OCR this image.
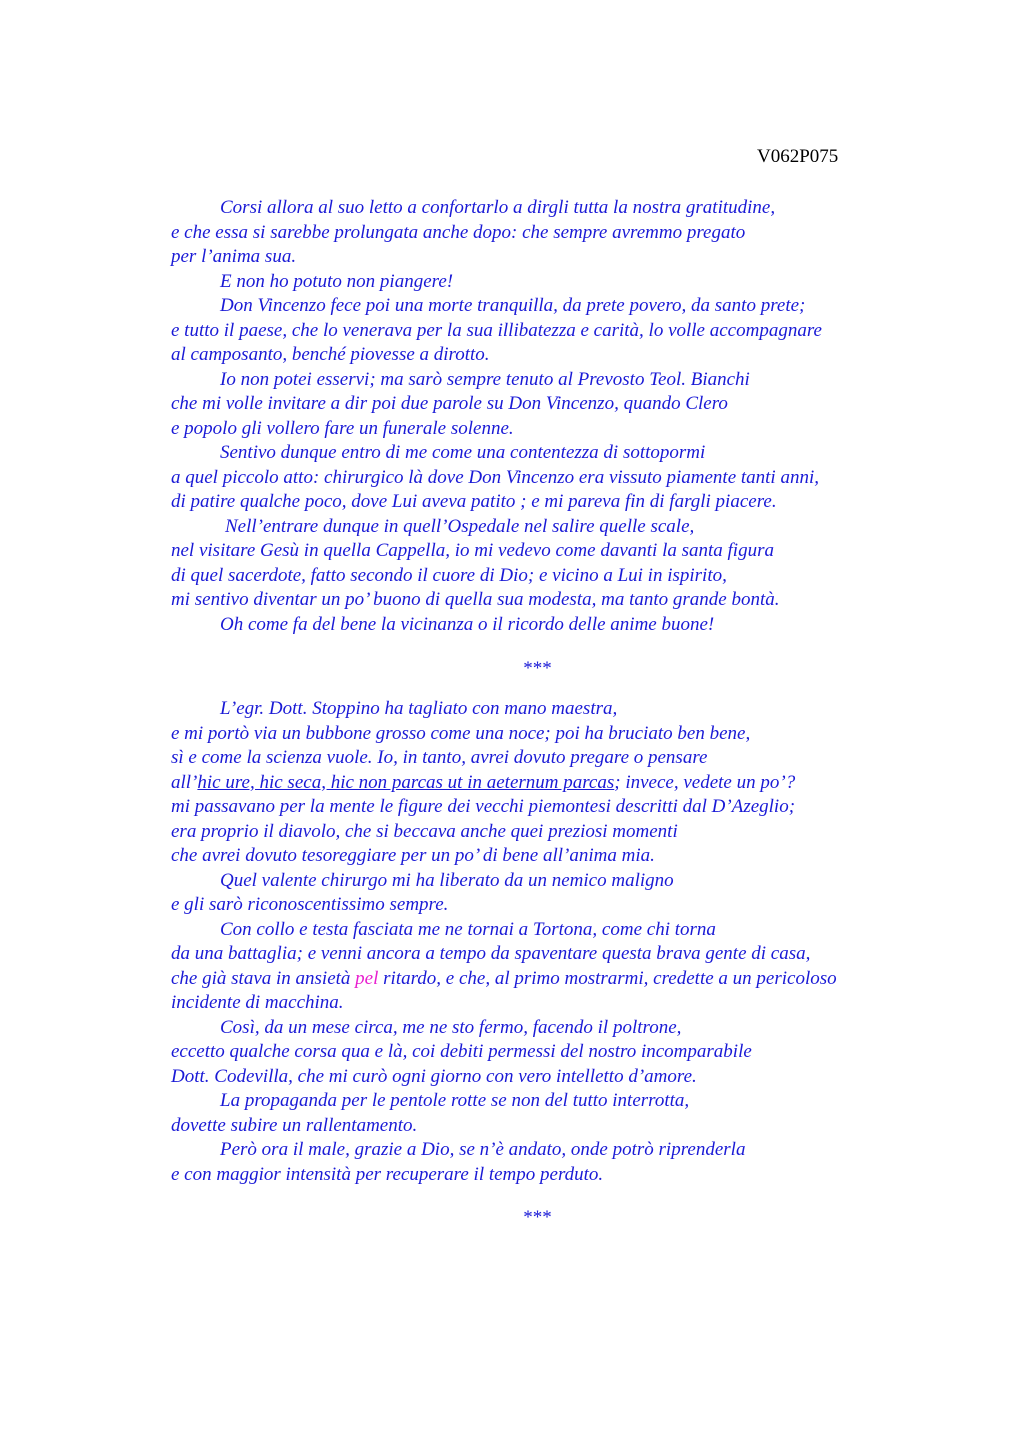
V062P075
Corsi allora al suo letto a confortarlo a dirgli tutta la nostra gratitudine,
e che essa si sarebbe prolungata anche dopo: che sempre avremmo pregato
per l’anima sua.
E non ho potuto non piangere!
Don Vincenzo fece poi una morte tranquilla, da prete povero, da santo prete;
e tutto il paese, che lo venerava per la sua illibatezza e carità, lo volle accompagnare
al camposanto, benché piovesse a dirotto.
Io non potei esservi; ma sarò sempre tenuto al Prevosto Teol. Bianchi
che mi volle invitare a dir poi due parole su Don Vincenzo, quando Clero
e popolo gli vollero fare un funerale solenne.
Sentivo dunque entro di me come una contentezza di sottopormi
a quel piccolo atto: chirurgico là dove Don Vincenzo era vissuto piamente tanti anni,
di patire qualche poco, dove Lui aveva patito ; e mi pareva fin di fargli piacere.
Nell’entrare dunque in quell’Ospedale nel salire quelle scale,
nel visitare Gesù in quella Cappella, io mi vedevo come davanti la santa figura
di quel sacerdote, fatto secondo il cuore di Dio; e vicino a Lui in ispirito,
mi sentivo diventar un po’ buono di quella sua modesta, ma tanto grande bontà.
Oh come fa del bene la vicinanza o il ricordo delle anime buone!
***
L’egr. Dott. Stoppino ha tagliato con mano maestra,
e mi portò via un bubbone grosso come una noce; poi ha bruciato ben bene,
sì e come la scienza vuole. Io, in tanto, avrei dovuto pregare o pensare
all’hic ure, hic seca, hic non parcas ut in aeternum parcas; invece, vedete un po’?
mi passavano per la mente le figure dei vecchi piemontesi descritti dal D’Azeglio;
era proprio il diavolo, che si beccava anche quei preziosi momenti
che avrei dovuto tesoreggiare per un po’ di bene all’anima mia.
Quel valente chirurgo mi ha liberato da un nemico maligno
e gli sarò riconoscentissimo sempre.
Con collo e testa fasciata me ne tornai a Tortona, come chi torna
da una battaglia; e venni ancora a tempo da spaventare questa brava gente di casa,
che già stava in ansietà pel ritardo, e che, al primo mostrarmi, credette a un pericoloso
incidente di macchina.
Così, da un mese circa, me ne sto fermo, facendo il poltrone,
eccetto qualche corsa qua e là, coi debiti permessi del nostro incomparabile
Dott. Codevilla, che mi curò ogni giorno con vero intelletto d’amore.
La propaganda per le pentole rotte se non del tutto interrotta,
dovette subire un rallentamento.
Però ora il male, grazie a Dio, se n’è andato, onde potrò riprenderla
e con maggior intensità per recuperare il tempo perduto.
***
